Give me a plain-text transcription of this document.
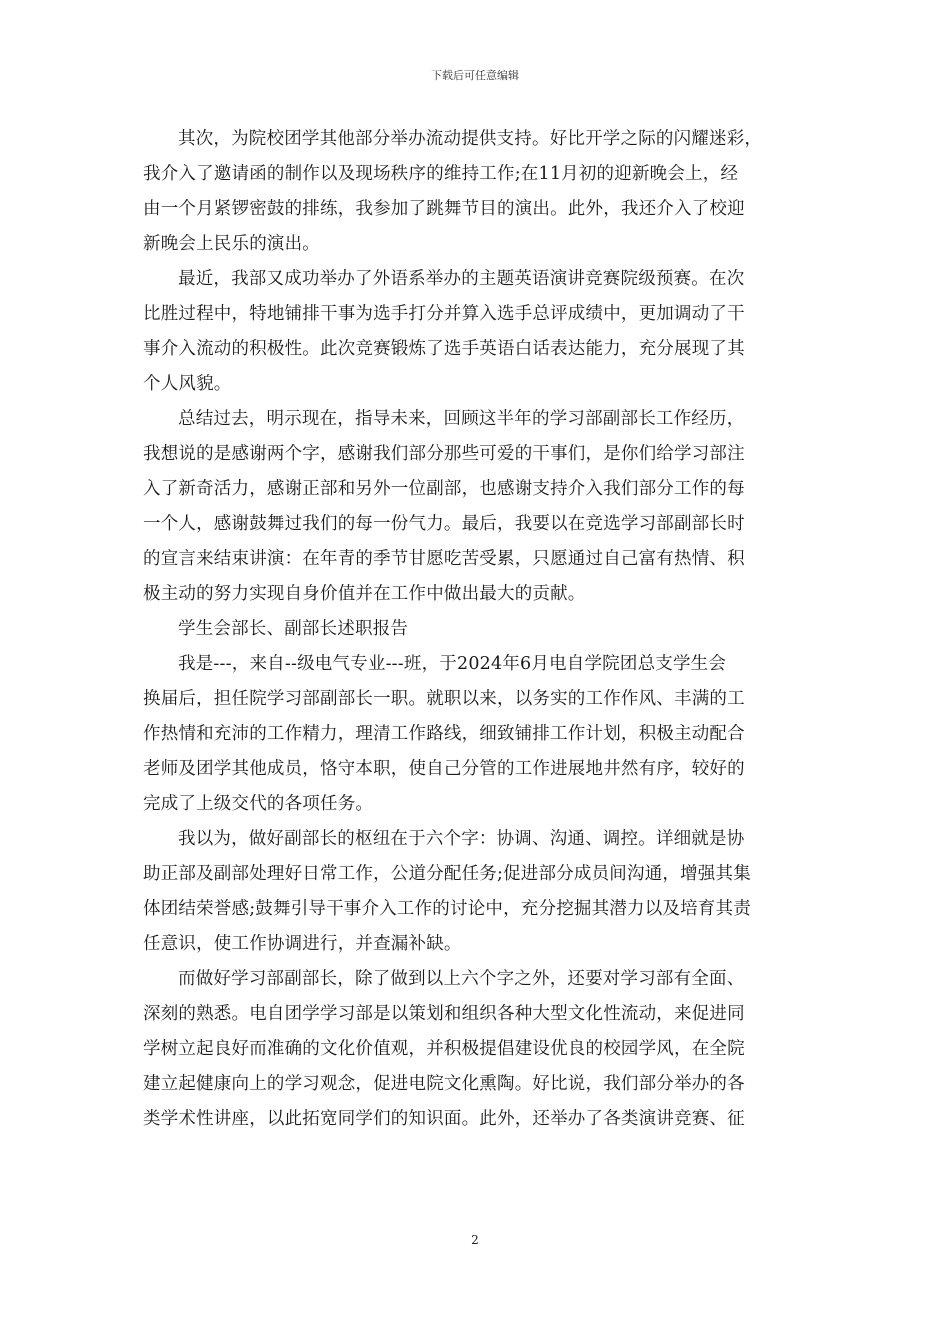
下载后可任意编辑

其次，为院校团学其他部分举办流动提供支持。好比开学之际的闪耀迷彩，
我介入了邀请函的制作以及现场秩序的维持工作;在11月初的迎新晚会上，经
由一个月紧锣密鼓的排练，我参加了跳舞节目的演出。此外，我还介入了校迎
新晚会上民乐的演出。

最近，我部又成功举办了外语系举办的主题英语演讲竞赛院级预赛。在次
比胜过程中，特地铺排干事为选手打分并算入选手总评成绩中，更加调动了干
事介入流动的积极性。此次竞赛锻炼了选手英语白话表达能力，充分展现了其
个人风貌。

总结过去，明示现在，指导未来，回顾这半年的学习部副部长工作经历，
我想说的是感谢两个字，感谢我们部分那些可爱的干事们，是你们给学习部注
入了新奇活力，感谢正部和另外一位副部，也感谢支持介入我们部分工作的每
一个人，感谢鼓舞过我们的每一份气力。最后，我要以在竞选学习部副部长时
的宣言来结束讲演：在年青的季节甘愿吃苦受累，只愿通过自己富有热情、积
极主动的努力实现自身价值并在工作中做出最大的贡献。

学生会部长、副部长述职报告

我是---，来自--级电气专业---班，于2024年6月电自学院团总支学生会
换届后，担任院学习部副部长一职。就职以来，以务实的工作作风、丰满的工
作热情和充沛的工作精力，理清工作路线，细致铺排工作计划，积极主动配合
老师及团学其他成员，恪守本职，使自己分管的工作进展地井然有序，较好的
完成了上级交代的各项任务。

我以为，做好副部长的枢纽在于六个字：协调、沟通、调控。详细就是协
助正部及副部处理好日常工作，公道分配任务;促进部分成员间沟通，增强其集
体团结荣誉感;鼓舞引导干事介入工作的讨论中，充分挖掘其潜力以及培育其责
任意识，使工作协调进行，并查漏补缺。

而做好学习部副部长，除了做到以上六个字之外，还要对学习部有全面、
深刻的熟悉。电自团学学习部是以策划和组织各种大型文化性流动，来促进同
学树立起良好而准确的文化价值观，并积极提倡建设优良的校园学风，在全院
建立起健康向上的学习观念，促进电院文化熏陶。好比说，我们部分举办的各
类学术性讲座，以此拓宽同学们的知识面。此外，还举办了各类演讲竞赛、征

2
